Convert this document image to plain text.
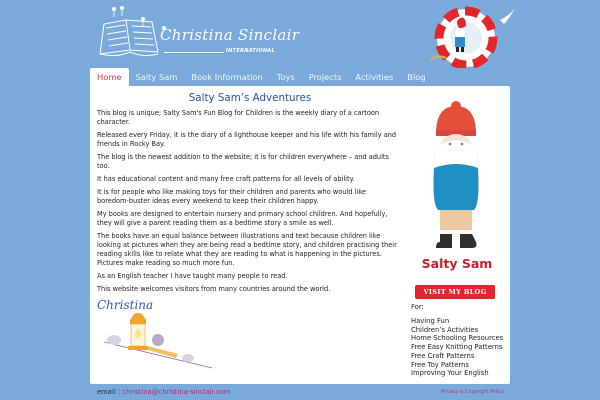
Christina Sinclair
INTERNATIONAL
Home	Salty Sam	Book Information	Toys	Projects	Activities	Blog
Salty Sam’s Adventures

This blog is unique; Salty Sam's Fun Blog for Children is the weekly diary of a cartoon character.

Released every Friday, it is the diary of a lighthouse keeper and his life with his family and friends in Rocky Bay.

The blog is the newest addition to the website; it is for children everywhere – and adults too.

It has educational content and many free craft patterns for all levels of ability.

It is for people who like making toys for their children and parents who would like boredom-buster ideas every weekend to keep their children happy.

My books are designed to entertain nursery and primary school children. And hopefully, they will give a parent reading them as a bedtime story a smile as well.

The books have an equal balance between illustrations and text because children like looking at pictures when they are being read a bedtime story, and children practising their reading skills like to relate what they are reading to what is happening in the pictures. Pictures make reading so much more fun.

As an English teacher I have taught many people to read.

This website welcomes visitors from many countries around the world.

Christina
Salty Sam
VISIT MY BLOG
For:
Having Fun
Children’s Activities
Home Schooling Resources
Free Easy Knitting Patterns
Free Craft Patterns
Free Toy Patterns
Improving Your English
email : christina@christina-sinclair.com	Privacy & Copyright Policy
